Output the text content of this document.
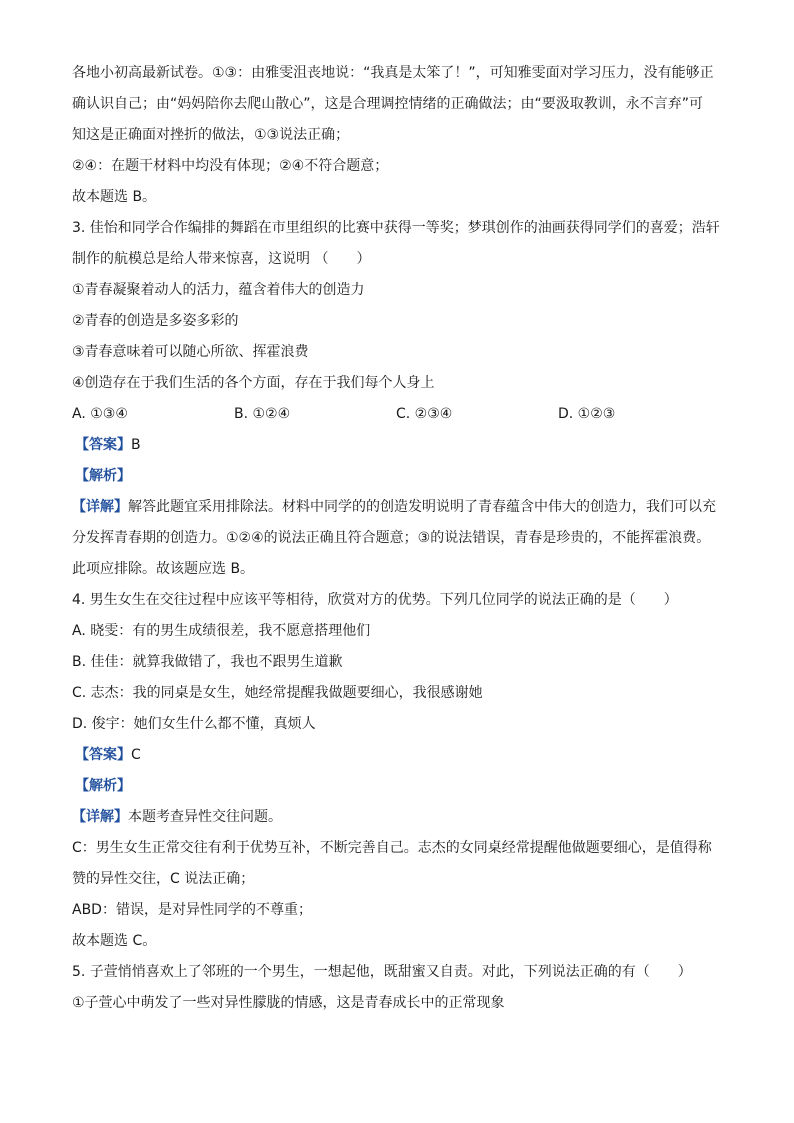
各地小初高最新试卷。①③：由雅雯沮丧地说：“我真是太笨了！”，可知雅雯面对学习压力，没有能够正
确认识自己；由“妈妈陪你去爬山散心”，这是合理调控情绪的正确做法；由“要汲取教训，永不言弃”可
知这是正确面对挫折的做法，①③说法正确；
②④：在题干材料中均没有体现；②④不符合题意；
故本题选 B。
3. 佳怡和同学合作编排的舞蹈在市里组织的比赛中获得一等奖；梦琪创作的油画获得同学们的喜爱；浩轩
制作的航模总是给人带来惊喜，这说明 （　　）
①青春凝聚着动人的活力，蕴含着伟大的创造力
②青春的创造是多姿多彩的
③青春意味着可以随心所欲、挥霍浪费
④创造存在于我们生活的各个方面，存在于我们每个人身上
A. ①③④	B. ①②④	C. ②③④	D. ①②③
【答案】B
【解析】
【详解】解答此题宜采用排除法。材料中同学的的创造发明说明了青春蕴含中伟大的创造力，我们可以充
分发挥青春期的创造力。①②④的说法正确且符合题意；③的说法错误，青春是珍贵的，不能挥霍浪费。
此项应排除。故该题应选 B。
4. 男生女生在交往过程中应该平等相待，欣赏对方的优势。下列几位同学的说法正确的是（　　）
A. 晓雯：有的男生成绩很差，我不愿意搭理他们
B. 佳佳：就算我做错了，我也不跟男生道歉
C. 志杰：我的同桌是女生，她经常提醒我做题要细心，我很感谢她
D. 俊宇：她们女生什么都不懂，真烦人
【答案】C
【解析】
【详解】本题考查异性交往问题。
C：男生女生正常交往有利于优势互补，不断完善自己。志杰的女同桌经常提醒他做题要细心，是值得称
赞的异性交往，C 说法正确；
ABD：错误，是对异性同学的不尊重；
故本题选 C。
5. 子萱悄悄喜欢上了邻班的一个男生，一想起他，既甜蜜又自责。对此，下列说法正确的有（　　）
①子萱心中萌发了一些对异性朦胧的情感，这是青春成长中的正常现象
